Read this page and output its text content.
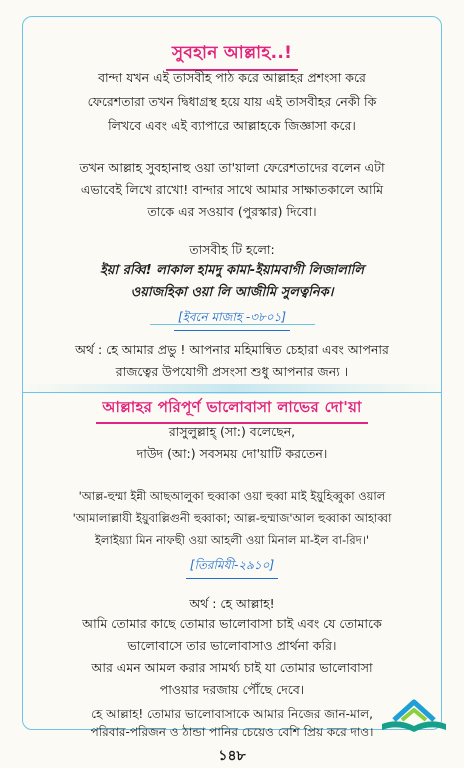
সুবহান আল্লাহ..!
বান্দা যখন এই তাসবীহ পাঠ করে আল্লাহর প্রশংসা করে
ফেরেশতারা তখন দ্বিধাগ্রস্থ হয়ে যায় এই তাসবীহর নেকী কি
লিখবে এবং এই ব্যাপারে আল্লাহকে জিজ্ঞাসা করে।
তখন আল্লাহ সুবহানাহু ওয়া তা'য়ালা ফেরেশতাদের বলেন এটা
এভাবেই লিখে রাখো! বান্দার সাথে আমার সাক্ষাতকালে আমি
তাকে এর সওয়াব (পুরস্কার) দিবো।
তাসবীহ টি হলো:
ইয়া রব্বি! লাকাল হামদু কামা-ইয়ামবাগী লিজালালি
ওয়াজহিকা ওয়া লি আজীমি সুলত্বনিক।
[ইবনে মাজাহ -৩৮০১]
অর্থ : হে আমার প্রভু ! আপনার মহিমান্বিত চেহারা এবং আপনার
রাজত্বের উপযোগী প্রসংসা শুধু আপনার জন্য ।
আল্লাহর পরিপূর্ণ ভালোবাসা লাভের দো'য়া
রাসুলুল্লাহ্ (সা:) বলেছেন,
দাউদ (আ:) সবসময় দো'য়াটি করতেন।
'আল্ল-হুম্মা ইন্নী আছআলুকা হুব্বাকা ওয়া হুব্বা মাই ইয়ুহিব্বুকা ওয়াল
'আমালাল্লাযী ইয়ুবাল্লিগুনী হুব্বাকা; আল্ল-হুম্মাজ'আল হুব্বাকা আহাব্বা
ইলাইয়্যা মিন নাফছী ওয়া আহলী ওয়া মিনাল মা-ইল বা-রিদ।'
[তিরমিযী-২৯১০]
অর্থ : হে আল্লাহ!
আমি তোমার কাছে তোমার ভালোবাসা চাই এবং যে তোমাকে
ভালোবাসে তার ভালোবাসাও প্রার্থনা করি।
আর এমন আমল করার সামর্থ্য চাই যা তোমার ভালোবাসা
পাওয়ার দরজায় পৌঁছে দেবে।
হে আল্লাহ! তোমার ভালোবাসাকে আমার নিজের জান-মাল,
১৪৮
পরিবার-পরিজন ও ঠান্ডা পানির চেয়েও বেশি প্রিয় করে দাও।
